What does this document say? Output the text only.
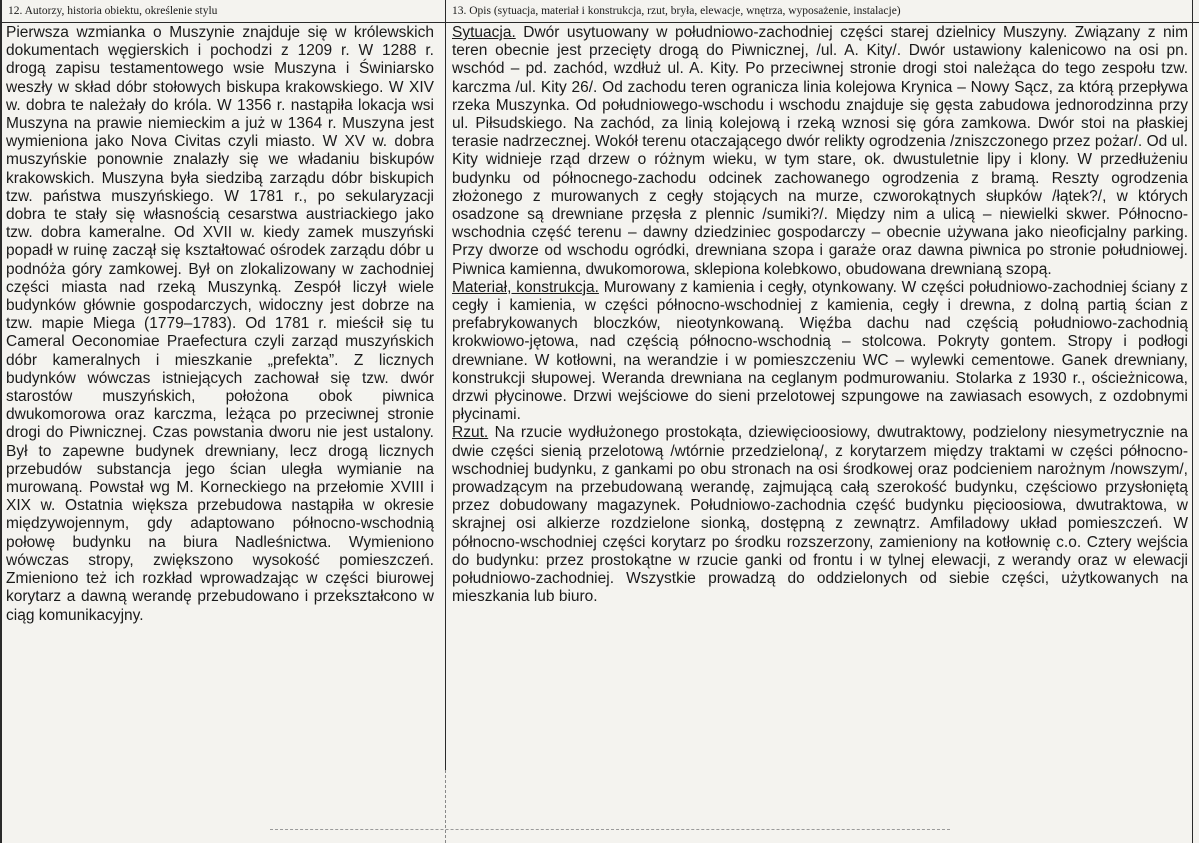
12. Autorzy, historia obiektu, określenie stylu	13. Opis (sytuacja, materiał i konstrukcja, rzut, bryła, elewacje, wnętrza, wyposażenie, instalacje)

Pierwsza wzmianka o Muszynie znajduje się w królewskich dokumentach węgierskich i pochodzi z 1209 r. W 1288 r. drogą zapisu testamentowego wsie Muszyna i Świniarsko weszły w skład dóbr stołowych biskupa krakowskiego. W XIV w. dobra te należały do króla. W 1356 r. nastąpiła lokacja wsi Muszyna na prawie niemieckim a już w 1364 r. Muszyna jest wymieniona jako Nova Civitas czyli miasto. W XV w. dobra muszyńskie ponownie znalazły się we władaniu biskupów krakowskich. Muszyna była siedzibą zarządu dóbr biskupich tzw. państwa muszyńskiego. W 1781 r., po sekularyzacji dobra te stały się własnością cesarstwa austriackiego jako tzw. dobra kameralne. Od XVII w. kiedy zamek muszyński popadł w ruinę zaczął się kształtować ośrodek zarządu dóbr u podnóża góry zamkowej. Był on zlokalizowany w zachodniej części miasta nad rzeką Muszynką. Zespół liczył wiele budynków głównie gospodarczych, widoczny jest dobrze na tzw. mapie Miega (1779–1783). Od 1781 r. mieścił się tu Cameral Oeconomiae Praefectura czyli zarząd muszyńskich dóbr kameralnych i mieszkanie „prefekta”. Z licznych budynków wówczas istniejących zachował się tzw. dwór starostów muszyńskich, położona obok piwnica dwukomorowa oraz karczma, leżąca po przeciwnej stronie drogi do Piwnicznej. Czas powstania dworu nie jest ustalony. Był to zapewne budynek drewniany, lecz drogą licznych przebudów substancja jego ścian uległa wymianie na murowaną. Powstał wg M. Korneckiego na przełomie XVIII i XIX w. Ostatnia większa przebudowa nastąpiła w okresie międzywojennym, gdy adaptowano północno-wschodnią połowę budynku na biura Nadleśnictwa. Wymieniono wówczas stropy, zwiększono wysokość pomieszczeń. Zmieniono też ich rozkład wprowadzając w części biurowej korytarz a dawną werandę przebudowano i przekształcono w ciąg komunikacyjny.

Sytuacja. Dwór usytuowany w południowo-zachodniej części starej dzielnicy Muszyny. Związany z nim teren obecnie jest przecięty drogą do Piwnicznej, /ul. A. Kity/. Dwór ustawiony kalenicowo na osi pn. wschód – pd. zachód, wzdłuż ul. A. Kity. Po przeciwnej stronie drogi stoi należąca do tego zespołu tzw. karczma /ul. Kity 26/. Od zachodu teren ogranicza linia kolejowa Krynica – Nowy Sącz, za którą przepływa rzeka Muszynka. Od południowego-wschodu i wschodu znajduje się gęsta zabudowa jednorodzinna przy ul. Piłsudskiego. Na zachód, za linią kolejową i rzeką wznosi się góra zamkowa. Dwór stoi na płaskiej terasie nadrzecznej. Wokół terenu otaczającego dwór relikty ogrodzenia /zniszczonego przez pożar/. Od ul. Kity widnieje rząd drzew o różnym wieku, w tym stare, ok. dwustuletnie lipy i klony. W przedłużeniu budynku od północnego-zachodu odcinek zachowanego ogrodzenia z bramą. Reszty ogrodzenia złożonego z murowanych z cegły stojących na murze, czworokątnych słupków /łątek?/, w których osadzone są drewniane przęsła z plennic /sumiki?/. Między nim a ulicą – niewielki skwer. Północno-wschodnia część terenu – dawny dziedziniec gospodarczy – obecnie używana jako nieoficjalny parking. Przy dworze od wschodu ogródki, drewniana szopa i garaże oraz dawna piwnica po stronie południowej. Piwnica kamienna, dwukomorowa, sklepiona kolebkowo, obudowana drewnianą szopą.

Materiał, konstrukcja. Murowany z kamienia i cegły, otynkowany. W części południowo-zachodniej ściany z cegły i kamienia, w części północno-wschodniej z kamienia, cegły i drewna, z dolną partią ścian z prefabrykowanych bloczków, nieotynkowaną. Więźba dachu nad częścią południowo-zachodnią krokwiowo-jętowa, nad częścią północno-wschodnią – stolcowa. Pokryty gontem. Stropy i podłogi drewniane. W kotłowni, na werandzie i w pomieszczeniu WC – wylewki cementowe. Ganek drewniany, konstrukcji słupowej. Weranda drewniana na ceglanym podmurowaniu. Stolarka z 1930 r., ościeżnicowa, drzwi płycinowe. Drzwi wejściowe do sieni przelotowej szpungowe na zawiasach esowych, z ozdobnymi płycinami.

Rzut. Na rzucie wydłużonego prostokąta, dziewięcioosiowy, dwutraktowy, podzielony niesymetrycznie na dwie części sienią przelotową /wtórnie przedzieloną/, z korytarzem między traktami w części północno-wschodniej budynku, z gankami po obu stronach na osi środkowej oraz podcieniem narożnym /nowszym/, prowadzącym na przebudowaną werandę, zajmującą całą szerokość budynku, częściowo przysłoniętą przez dobudowany magazynek. Południowo-zachodnia część budynku pięcioosiowa, dwutraktowa, w skrajnej osi alkierze rozdzielone sionką, dostępną z zewnątrz. Amfiladowy układ pomieszczeń. W północno-wschodniej części korytarz po środku rozszerzony, zamieniony na kotłownię c.o. Cztery wejścia do budynku: przez prostokątne w rzucie ganki od frontu i w tylnej elewacji, z werandy oraz w elewacji południowo-zachodniej. Wszystkie prowadzą do oddzielonych od siebie części, użytkowanych na mieszkania lub biuro.
